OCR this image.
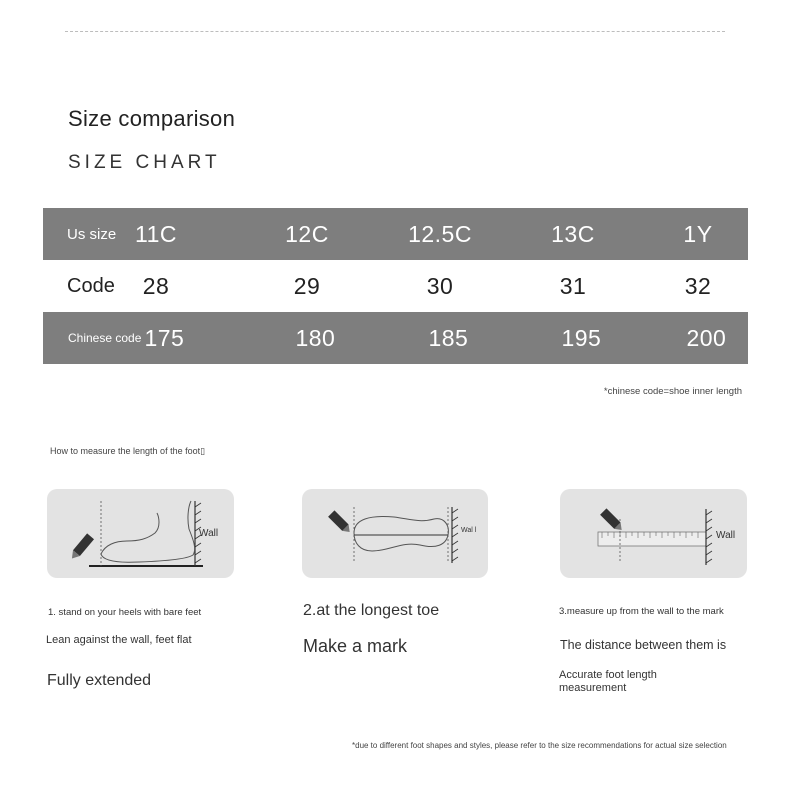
Size comparison
SIZE CHART
Us size 11C	12C	12.5C	13C	1Y
Code	28	29	30	31	32
Chinese code 175	180	185	195	200
*chinese code=shoe inner length
How to measure the length of the foot▯
Wall	Wal l	Wall
1. stand on your heels with bare feet
Lean against the wall, feet flat
Fully extended
2.at the longest toe
Make a mark
3.measure up from the wall to the mark
The distance between them is
Accurate foot length measurement
*due to different foot shapes and styles, please refer to the size recommendations for actual size selection
